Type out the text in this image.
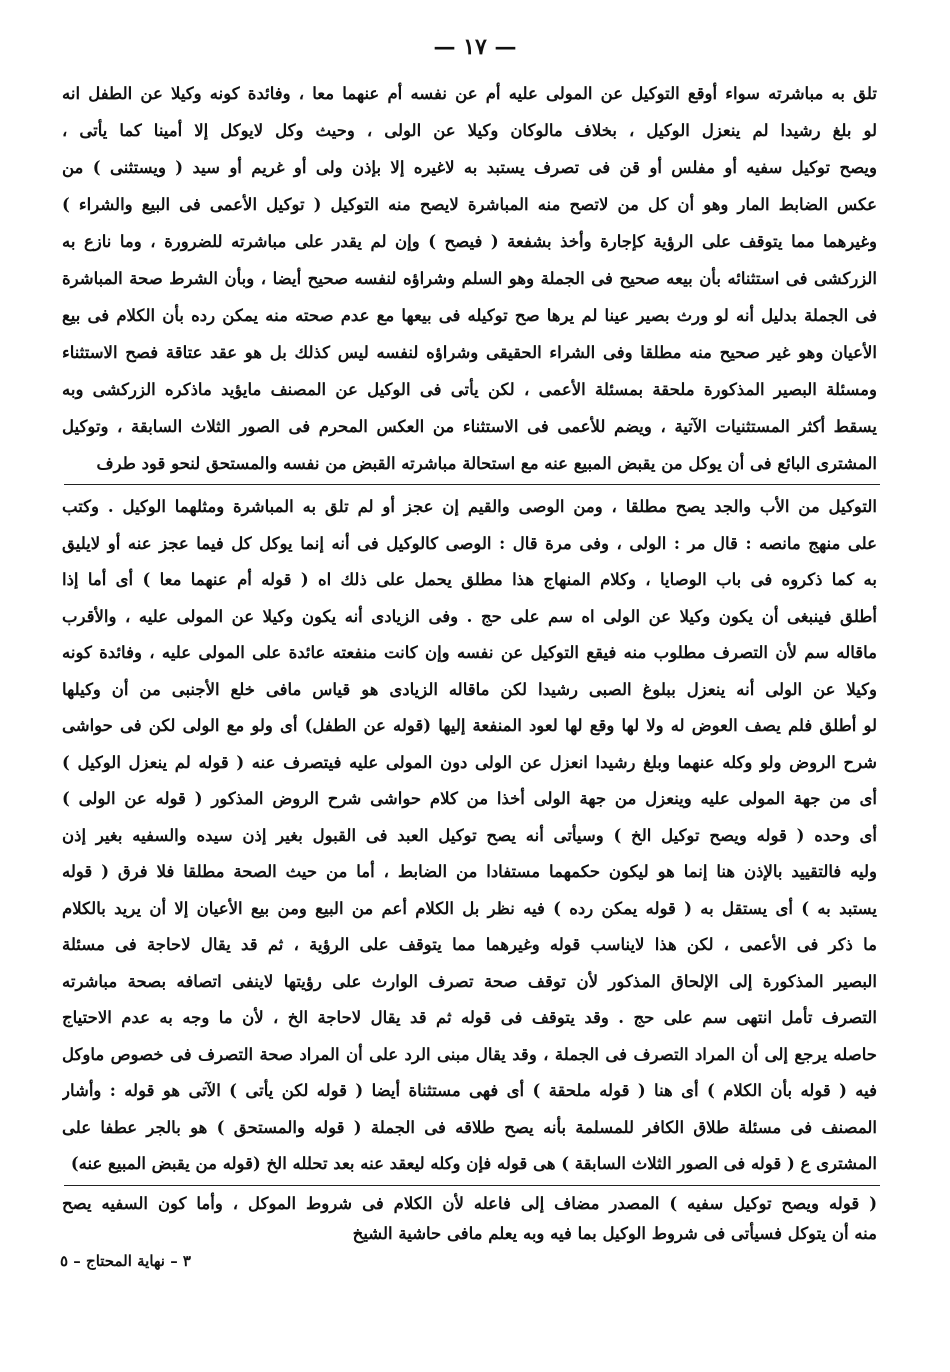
— ١٧ —
تلق به مباشرته سواء أوقع التوكيل عن المولى عليه أم عن نفسه أم عنهما معا ، وفائدة كونه وكيلا عن الطفل انه
لو بلغ رشيدا لم ينعزل الوكيل ، بخلاف مالوكان وكيلا عن الولى ، وحيث وكل لايوكل إلا أمينا كما يأتى ،
ويصح توكيل سفيه أو مفلس أو قن فى تصرف يستبد به لاغيره إلا بإذن ولى أو غريم أو سيد ( ويستثنى ) من
عكس الضابط المار وهو أن كل من لاتصح منه المباشرة لايصح منه التوكيل ( توكيل الأعمى فى البيع والشراء )
وغيرهما مما يتوقف على الرؤية كإجارة وأخذ بشفعة ( فيصح ) وإن لم يقدر على مباشرته للضرورة ، وما نازع به
الزركشى فى استثنائه بأن بيعه صحيح فى الجملة وهو السلم وشراؤه لنفسه صحيح أيضا ، وبأن الشرط صحة المباشرة
فى الجملة بدليل أنه لو ورث بصير عينا لم يرها صح توكيله فى بيعها مع عدم صحته منه يمكن رده بأن الكلام فى بيع
الأعيان وهو غير صحيح منه مطلقا وفى الشراء الحقيقى وشراؤه لنفسه ليس كذلك بل هو عقد عتاقة فصح الاستثناء
ومسئلة البصير المذكورة ملحقة بمسئلة الأعمى ، لكن يأتى فى الوكيل عن المصنف مايؤيد ماذكره الزركشى وبه
يسقط أكثر المستثنيات الآتية ، ويضم للأعمى فى الاستثناء من العكس المحرم فى الصور الثلاث السابقة ، وتوكيل
المشترى البائع فى أن يوكل من يقبض المبيع عنه مع استحالة مباشرته القبض من نفسه والمستحق لنحو قود طرف
التوكيل من الأب والجد يصح مطلقا ، ومن الوصى والقيم إن عجز أو لم تلق به المباشرة ومثلهما الوكيل . وكتب
على منهج مانصه : قال مر : الولى ، وفى مرة قال : الوصى كالوكيل فى أنه إنما يوكل كل فيما عجز عنه أو لايليق
به كما ذكروه فى باب الوصايا ، وكلام المنهاج هذا مطلق يحمل على ذلك اه ( قوله أم عنهما معا ) أى أما إذا
أطلق فينبغى أن يكون وكيلا عن الولى اه سم على حج . وفى الزيادى أنه يكون وكيلا عن المولى عليه ، والأقرب
ماقاله سم لأن التصرف مطلوب منه فيقع التوكيل عن نفسه وإن كانت منفعته عائدة على المولى عليه ، وفائدة كونه
وكيلا عن الولى أنه ينعزل ببلوغ الصبى رشيدا لكن ماقاله الزيادى هو قياس مافى خلع الأجنبى من أن وكيلها
لو أطلق فلم يصف العوض له ولا لها وقع لها لعود المنفعة إليها (قوله عن الطفل) أى ولو مع الولى لكن فى حواشى
شرح الروض ولو وكله عنهما وبلغ رشيدا انعزل عن الولى دون المولى عليه فيتصرف عنه ( قوله لم ينعزل الوكيل )
أى من جهة المولى عليه وينعزل من جهة الولى أخذا من كلام حواشى شرح الروض المذكور ( قوله عن الولى )
أى وحده ( قوله ويصح توكيل الخ ) وسيأتى أنه يصح توكيل العبد فى القبول بغير إذن سيده والسفيه بغير إذن
وليه فالتقييد بالإذن هنا إنما هو ليكون حكمهما مستفادا من الضابط ، أما من حيث الصحة مطلقا فلا فرق ( قوله
يستبد به ) أى يستقل به ( قوله يمكن رده ) فيه نظر بل الكلام أعم من البيع ومن بيع الأعيان إلا أن يريد بالكلام
ما ذكر فى الأعمى ، لكن هذا لايناسب قوله وغيرهما مما يتوقف على الرؤية ، ثم قد يقال لاحاجة فى مسئلة
البصير المذكورة إلى الإلحاق المذكور لأن توقف صحة تصرف الوارث على رؤيتها لاينفى اتصافه بصحة مباشرته
التصرف تأمل انتهى سم على حج . وقد يتوقف فى قوله ثم قد يقال لاحاجة الخ ، لأن ما وجه به عدم الاحتياج
حاصله يرجع إلى أن المراد التصرف فى الجملة ، وقد يقال مبنى الرد على أن المراد صحة التصرف فى خصوص ماوكل
فيه ( قوله بأن الكلام ) أى هنا ( قوله ملحقة ) أى فهى مستثناة أيضا ( قوله لكن يأتى ) الآتى هو قوله : وأشار
المصنف فى مسئلة طلاق الكافر للمسلمة بأنه يصح طلاقه فى الجملة ( قوله والمستحق ) هو بالجر عطفا على
المشترى ع ( قوله فى الصور الثلاث السابقة ) هى قوله فإن وكله ليعقد عنه بعد تحلله الخ (قوله من يقبض المبيع عنه)
( قوله ويصح توكيل سفيه ) المصدر مضاف إلى فاعله لأن الكلام فى شروط الموكل ، وأما كون السفيه يصح
منه أن يتوكل فسيأتى فى شروط الوكيل بما فيه وبه يعلم مافى حاشية الشيخ
٣ – نهاية المحتاج – ٥
